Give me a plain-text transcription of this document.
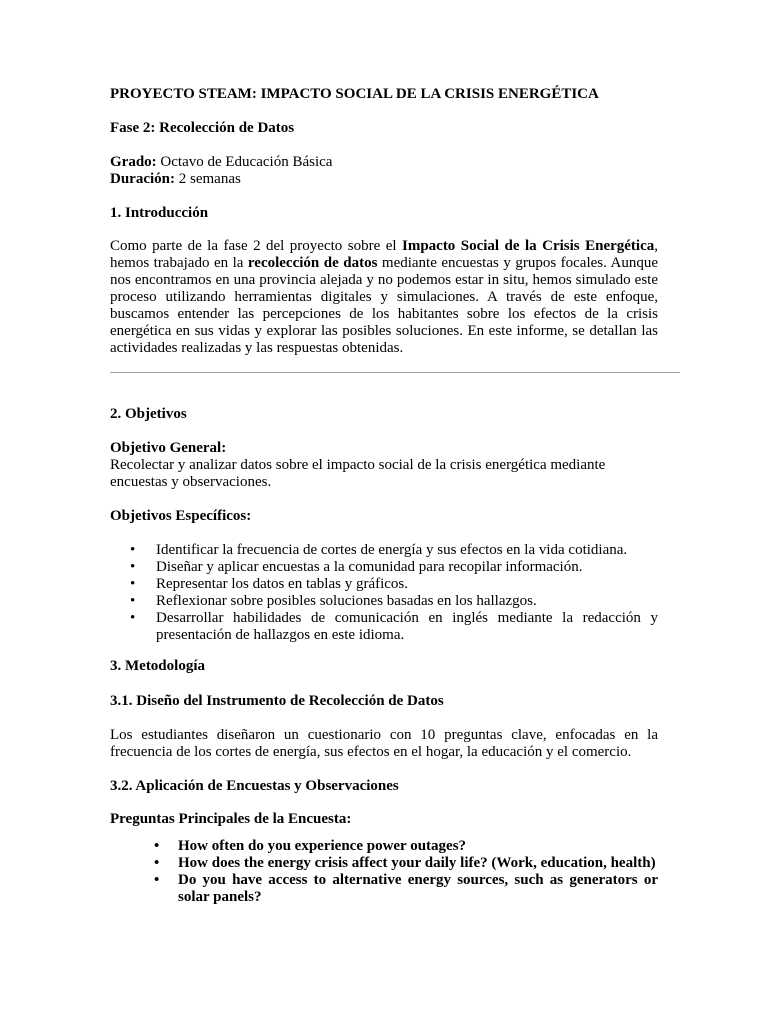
PROYECTO STEAM: IMPACTO SOCIAL DE LA CRISIS ENERGÉTICA

Fase 2: Recolección de Datos

Grado: Octavo de Educación Básica

Duración: 2 semanas

1. Introducción

Como parte de la fase 2 del proyecto sobre el Impacto Social de la Crisis Energética, hemos trabajado en la recolección de datos mediante encuestas y grupos focales. Aunque nos encontramos en una provincia alejada y no podemos estar in situ, hemos simulado este proceso utilizando herramientas digitales y simulaciones. A través de este enfoque, buscamos entender las percepciones de los habitantes sobre los efectos de la crisis energética en sus vidas y explorar las posibles soluciones. En este informe, se detallan las actividades realizadas y las respuestas obtenidas.

2. Objetivos

Objetivo General:

Recolectar y analizar datos sobre el impacto social de la crisis energética mediante encuestas y observaciones.

Objetivos Específicos:

• Identificar la frecuencia de cortes de energía y sus efectos en la vida cotidiana.
• Diseñar y aplicar encuestas a la comunidad para recopilar información.
• Representar los datos en tablas y gráficos.
• Reflexionar sobre posibles soluciones basadas en los hallazgos.
• Desarrollar habilidades de comunicación en inglés mediante la redacción y presentación de hallazgos en este idioma.

3. Metodología

3.1. Diseño del Instrumento de Recolección de Datos

Los estudiantes diseñaron un cuestionario con 10 preguntas clave, enfocadas en la frecuencia de los cortes de energía, sus efectos en el hogar, la educación y el comercio.

3.2. Aplicación de Encuestas y Observaciones

Preguntas Principales de la Encuesta:

• How often do you experience power outages?
• How does the energy crisis affect your daily life? (Work, education, health)
• Do you have access to alternative energy sources, such as generators or solar panels?
